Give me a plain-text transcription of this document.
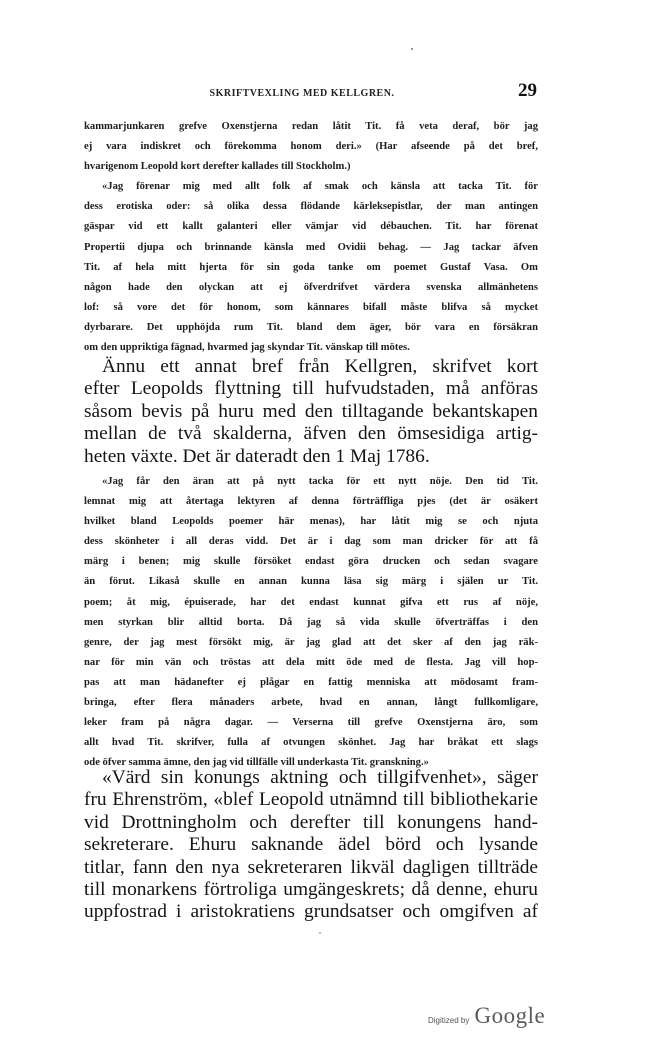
SKRIFTVEXLING MED KELLGREN.	29
kammarjunkaren grefve Oxenstjerna redan låtit Tit. få veta deraf, bör jag
ej vara indiskret och förekomma honom deri.» (Har afseende på det bref,
hvarigenom Leopold kort derefter kallades till Stockholm.)
«Jag förenar mig med allt folk af smak och känsla att tacka Tit. för
dess erotiska oder: så olika dessa flödande kärleksepistlar, der man antingen
gäspar vid ett kallt galanteri eller vämjar vid débauchen. Tit. har förenat
Propertii djupa och brinnande känsla med Ovidii behag. — Jag tackar äfven
Tit. af hela mitt hjerta för sin goda tanke om poemet Gustaf Vasa. Om
någon hade den olyckan att ej öfverdrifvet värdera svenska allmänhetens
lof: så vore det för honom, som kännares bifall måste blifva så mycket
dyrbarare. Det upphöjda rum Tit. bland dem äger, bör vara en försäkran
om den uppriktiga fägnad, hvarmed jag skyndar Tit. vänskap till mötes.
Ännu ett annat bref från Kellgren, skrifvet kort
efter Leopolds flyttning till hufvudstaden, må anföras
såsom bevis på huru med den tilltagande bekantskapen
mellan de två skalderna, äfven den ömsesidiga artig-
heten växte. Det är dateradt den 1 Maj 1786.
«Jag får den äran att på nytt tacka för ett nytt nöje. Den tid Tit.
lemnat mig att återtaga lektyren af denna förträffliga pjes (det är osäkert
hvilket bland Leopolds poemer här menas), har låtit mig se och njuta
dess skönheter i all deras vidd. Det är i dag som man dricker för att få
märg i benen; mig skulle försöket endast göra drucken och sedan svagare
än förut. Likaså skulle en annan kunna läsa sig märg i själen ur Tit.
poem; åt mig, épuiserade, har det endast kunnat gifva ett rus af nöje,
men styrkan blir alltid borta. Då jag så vida skulle öfverträffas i den
genre, der jag mest försökt mig, är jag glad att det sker af den jag räk-
nar för min vän och tröstas att dela mitt öde med de flesta. Jag vill hop-
pas att man hädanefter ej plågar en fattig menniska att mödosamt fram-
bringa, efter flera månaders arbete, hvad en annan, långt fullkomligare,
leker fram på några dagar. — Verserna till grefve Oxenstjerna äro, som
allt hvad Tit. skrifver, fulla af otvungen skönhet. Jag har bråkat ett slags
ode öfver samma ämne, den jag vid tillfälle vill underkasta Tit. granskning.»
«Värd sin konungs aktning och tillgifvenhet», säger
fru Ehrenström, «blef Leopold utnämnd till bibliothekarie
vid Drottningholm och derefter till konungens hand-
sekreterare. Ehuru saknande ädel börd och lysande
titlar, fann den nya sekreteraren likväl dagligen tillträde
till monarkens förtroliga umgängeskrets; då denne, ehuru
uppfostrad i aristokratiens grundsatser och omgifven af
Digitized by Google
